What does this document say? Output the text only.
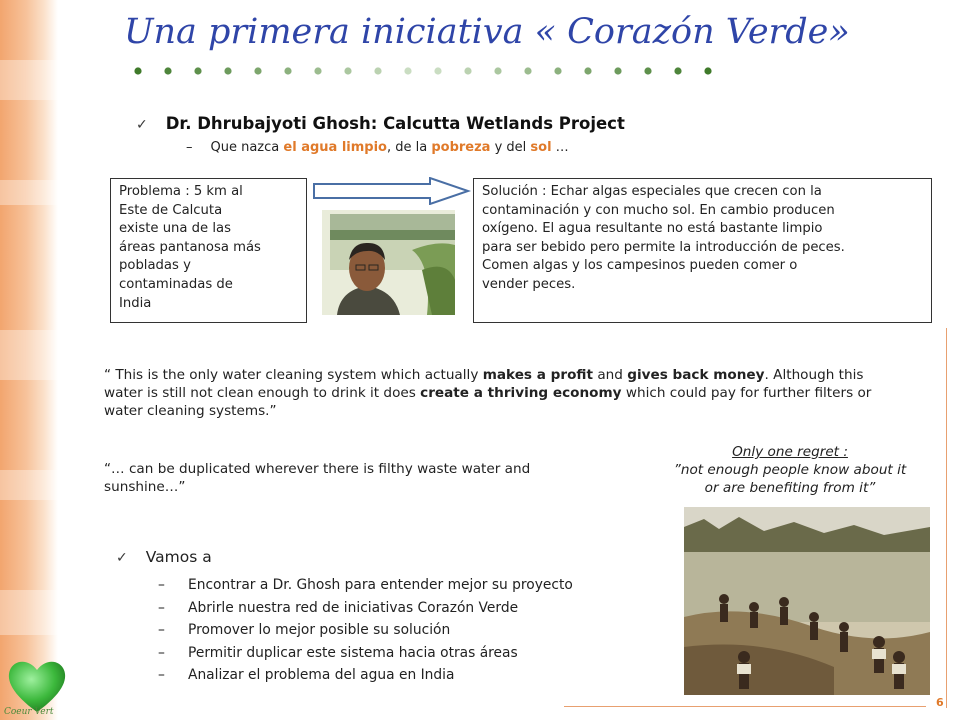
Una primera iniciativa « Corazón Verde»
✓ Dr. Dhrubajyoti Ghosh: Calcutta Wetlands Project
– Que nazca el agua limpio, de la pobreza y del sol …
Problema : 5 km al
Este de Calcuta
existe una de las
áreas pantanosa más
pobladas y
contaminadas de
India
Solución : Echar algas especiales que crecen con la
contaminación y con mucho sol. En cambio producen
oxígeno. El agua resultante no está bastante limpio
para ser bebido pero permite la introducción de peces.
Comen algas y los campesinos pueden comer o
vender peces.
“ This is the only water cleaning system which actually makes a profit and gives back money. Although this water is still not clean enough to drink it does create a thriving economy which could pay for further filters or water cleaning systems.”
“… can be duplicated wherever there is filthy waste water and sunshine…”
Only one regret :
”not enough people know about it
or are benefiting from it”
✓ Vamos a
– Encontrar a Dr. Ghosh para entender mejor su proyecto
– Abrirle nuestra red de iniciativas Corazón Verde
– Promover lo mejor posible su solución
– Permitir duplicar este sistema hacia otras áreas
– Analizar el problema del agua en India
Coeur Vert
6
